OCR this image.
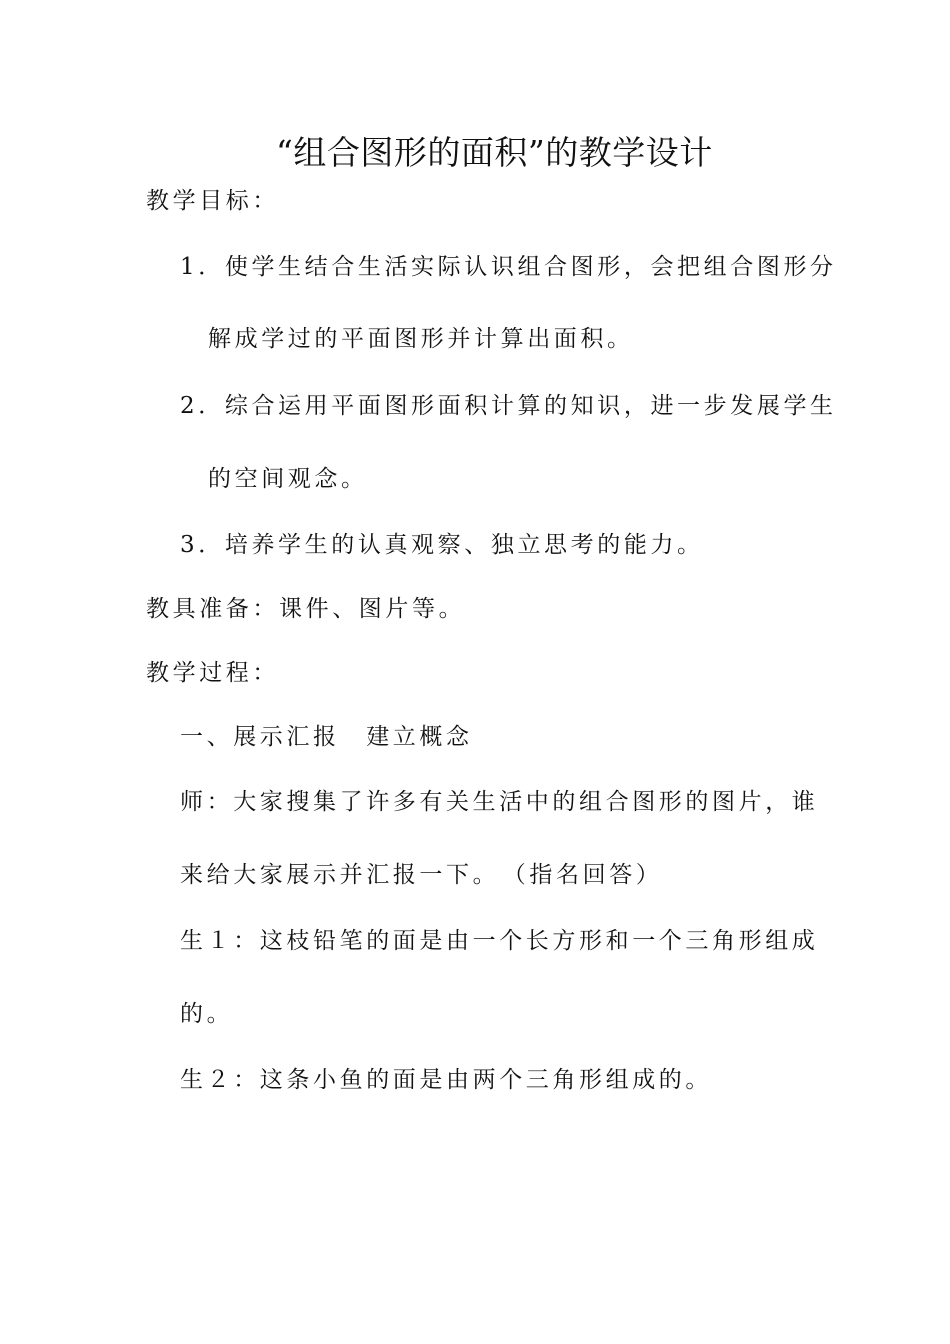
“组合图形的面积”的教学设计
教学目标：
1．使学生结合生活实际认识组合图形，会把组合图形分
解成学过的平面图形并计算出面积。
2．综合运用平面图形面积计算的知识，进一步发展学生
的空间观念。
3．培养学生的认真观察、独立思考的能力。
教具准备：课件、图片等。
教学过程：
一、展示汇报　建立概念
师：大家搜集了许多有关生活中的组合图形的图片，谁
来给大家展示并汇报一下。　（指名回答）
生１：这枝铅笔的面是由一个长方形和一个三角形组成
的。
生２：这条小鱼的面是由两个三角形组成的。
